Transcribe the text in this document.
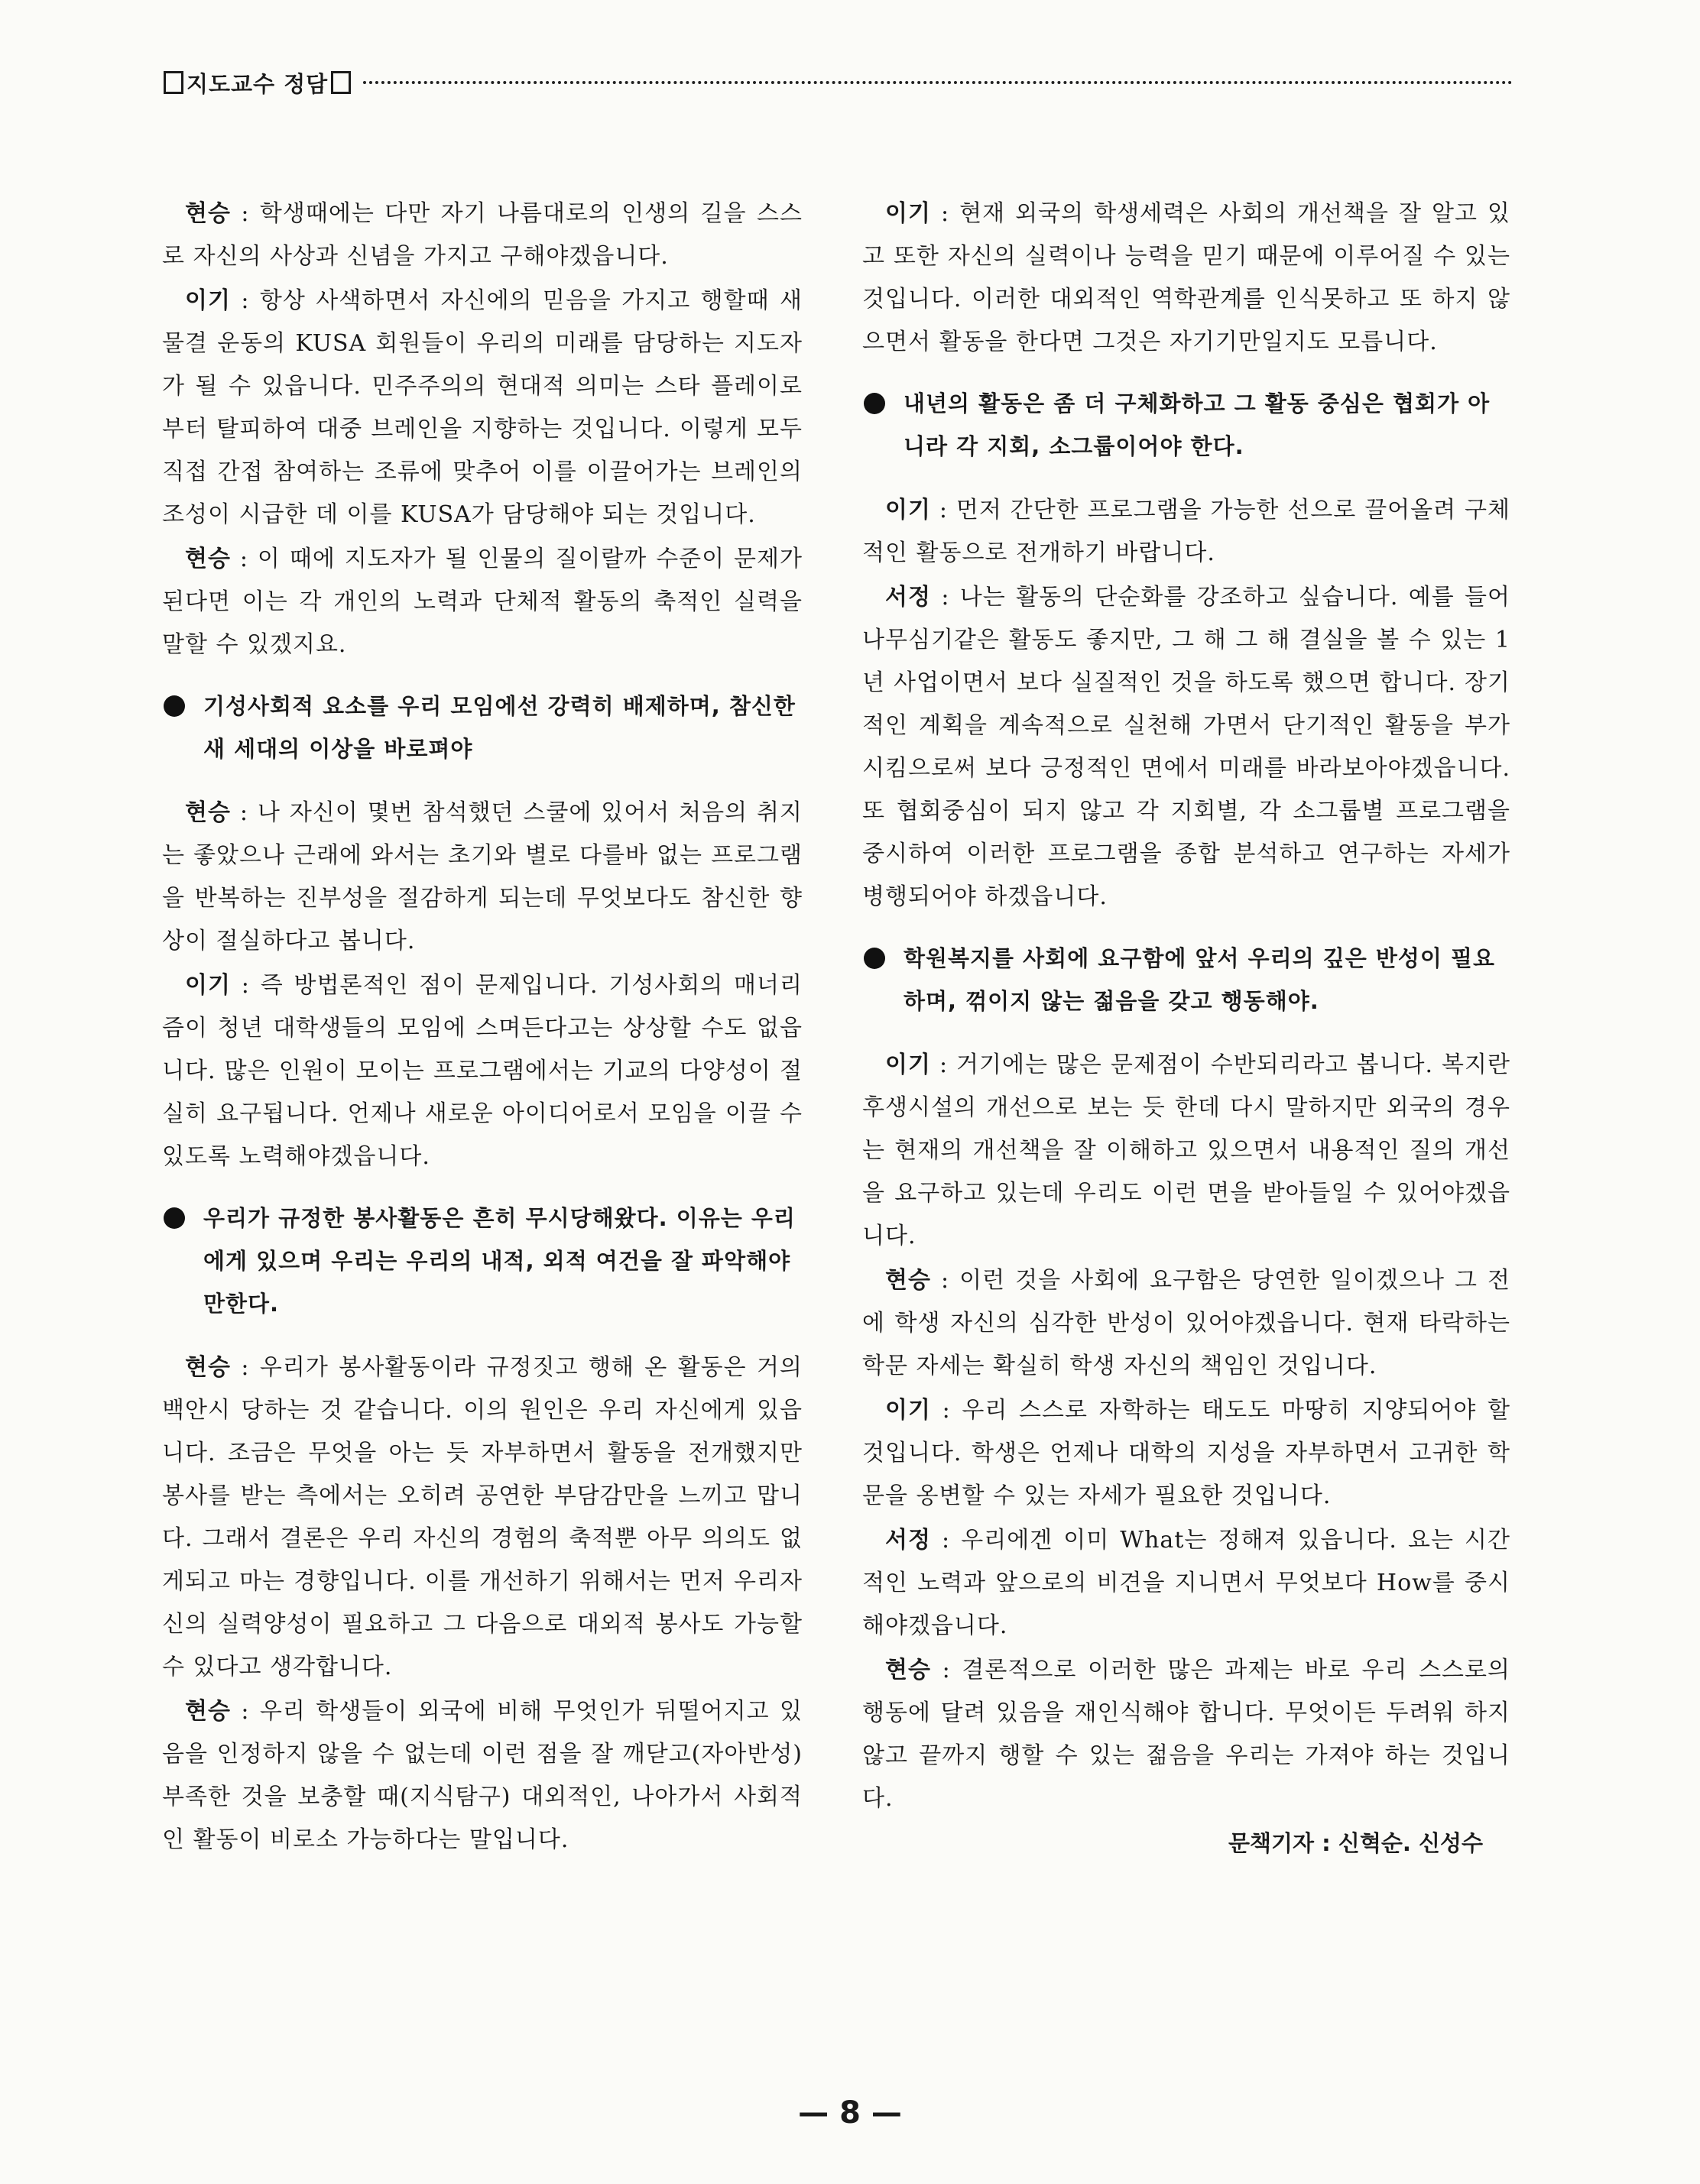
지도교수 정담

현승 : 학생때에는 다만 자기 나름대로의 인생의 길을 스스로 자신의 사상과 신념을 가지고 구해야겠읍니다.

이기 : 항상 사색하면서 자신에의 믿음을 가지고 행할때 새물결 운동의 KUSA 회원들이 우리의 미래를 담당하는 지도자가 될 수 있읍니다. 민주주의의 현대적 의미는 스타 플레이로부터 탈피하여 대중 브레인을 지향하는 것입니다. 이렇게 모두 직접 간접 참여하는 조류에 맞추어 이를 이끌어가는 브레인의 조성이 시급한 데 이를 KUSA가 담당해야 되는 것입니다.

현승 : 이 때에 지도자가 될 인물의 질이랄까 수준이 문제가 된다면 이는 각 개인의 노력과 단체적 활동의 축적인 실력을 말할 수 있겠지요.

기성사회적 요소를 우리 모임에선 강력히 배제하며, 참신한 새 세대의 이상을 바로펴야

현승 : 나 자신이 몇번 참석했던 스쿨에 있어서 처음의 취지는 좋았으나 근래에 와서는 초기와 별로 다를바 없는 프로그램을 반복하는 진부성을 절감하게 되는데 무엇보다도 참신한 향상이 절실하다고 봅니다.

이기 : 즉 방법론적인 점이 문제입니다. 기성사회의 매너리즘이 청년 대학생들의 모임에 스며든다고는 상상할 수도 없읍니다. 많은 인원이 모이는 프로그램에서는 기교의 다양성이 절실히 요구됩니다. 언제나 새로운 아이디어로서 모임을 이끌 수 있도록 노력해야겠읍니다.

우리가 규정한 봉사활동은 흔히 무시당해왔다. 이유는 우리에게 있으며 우리는 우리의 내적, 외적 여건을 잘 파악해야만한다.

현승 : 우리가 봉사활동이라 규정짓고 행해 온 활동은 거의 백안시 당하는 것 같습니다. 이의 원인은 우리 자신에게 있읍니다. 조금은 무엇을 아는 듯 자부하면서 활동을 전개했지만 봉사를 받는 측에서는 오히려 공연한 부담감만을 느끼고 맙니다. 그래서 결론은 우리 자신의 경험의 축적뿐 아무 의의도 없게되고 마는 경향입니다. 이를 개선하기 위해서는 먼저 우리자신의 실력양성이 필요하고 그 다음으로 대외적 봉사도 가능할 수 있다고 생각합니다.

현승 : 우리 학생들이 외국에 비해 무엇인가 뒤떨어지고 있음을 인정하지 않을 수 없는데 이런 점을 잘 깨닫고(자아반성) 부족한 것을 보충할 때(지식탐구) 대외적인, 나아가서 사회적인 활동이 비로소 가능하다는 말입니다.

이기 : 현재 외국의 학생세력은 사회의 개선책을 잘 알고 있고 또한 자신의 실력이나 능력을 믿기 때문에 이루어질 수 있는 것입니다. 이러한 대외적인 역학관계를 인식못하고 또 하지 않으면서 활동을 한다면 그것은 자기기만일지도 모릅니다.

내년의 활동은 좀 더 구체화하고 그 활동 중심은 협회가 아니라 각 지회, 소그룹이어야 한다.

이기 : 먼저 간단한 프로그램을 가능한 선으로 끌어올려 구체적인 활동으로 전개하기 바랍니다.

서정 : 나는 활동의 단순화를 강조하고 싶습니다. 예를 들어 나무심기같은 활동도 좋지만, 그 해 그 해 결실을 볼 수 있는 1년 사업이면서 보다 실질적인 것을 하도록 했으면 합니다. 장기적인 계획을 계속적으로 실천해 가면서 단기적인 활동을 부가시킴으로써 보다 긍정적인 면에서 미래를 바라보아야겠읍니다. 또 협회중심이 되지 않고 각 지회별, 각 소그룹별 프로그램을 중시하여 이러한 프로그램을 종합 분석하고 연구하는 자세가 병행되어야 하겠읍니다.

학원복지를 사회에 요구함에 앞서 우리의 깊은 반성이 필요하며, 꺾이지 않는 젊음을 갖고 행동해야.

이기 : 거기에는 많은 문제점이 수반되리라고 봅니다. 복지란 후생시설의 개선으로 보는 듯 한데 다시 말하지만 외국의 경우는 현재의 개선책을 잘 이해하고 있으면서 내용적인 질의 개선을 요구하고 있는데 우리도 이런 면을 받아들일 수 있어야겠읍니다.

현승 : 이런 것을 사회에 요구함은 당연한 일이겠으나 그 전에 학생 자신의 심각한 반성이 있어야겠읍니다. 현재 타락하는 학문 자세는 확실히 학생 자신의 책임인 것입니다.

이기 : 우리 스스로 자학하는 태도도 마땅히 지양되어야 할 것입니다. 학생은 언제나 대학의 지성을 자부하면서 고귀한 학문을 옹변할 수 있는 자세가 필요한 것입니다.

서정 : 우리에겐 이미 What는 정해져 있읍니다. 요는 시간적인 노력과 앞으로의 비견을 지니면서 무엇보다 How를 중시해야겠읍니다.

현승 : 결론적으로 이러한 많은 과제는 바로 우리 스스로의 행동에 달려 있음을 재인식해야 합니다. 무엇이든 두려워 하지 않고 끝까지 행할 수 있는 젊음을 우리는 가져야 하는 것입니다.

문책기자 : 신혁순. 신성수
— 8 —
